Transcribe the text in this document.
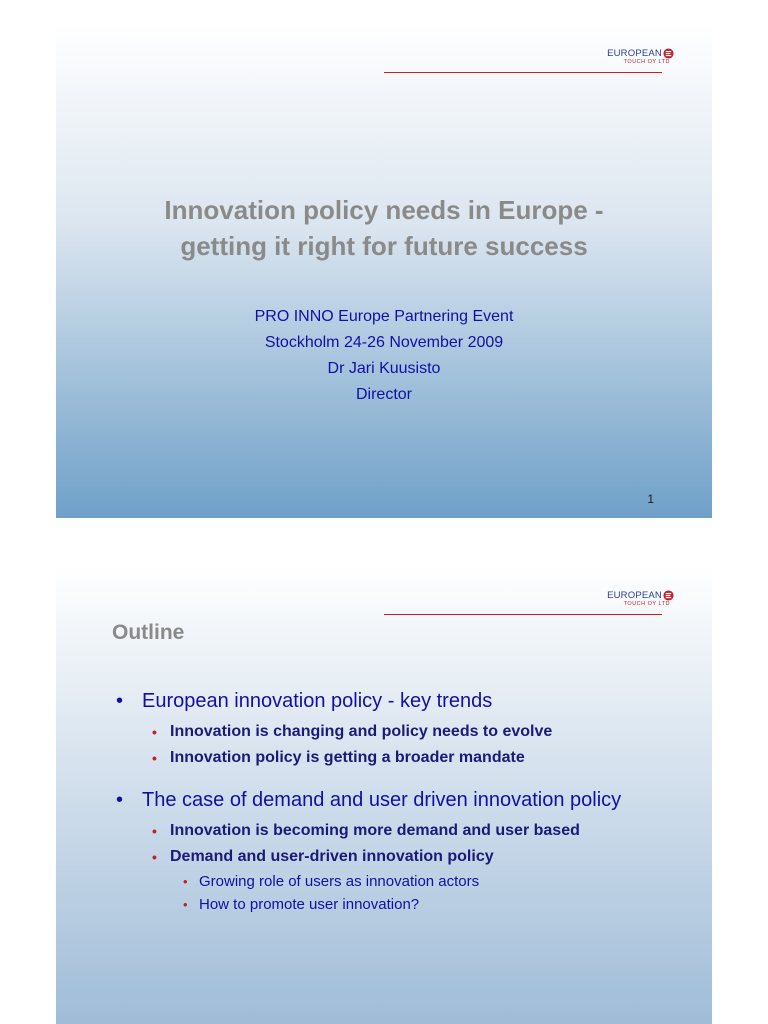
EUROPEAN
TOUCH OY LTD
Innovation policy needs in Europe -
getting it right for future success
PRO INNO Europe Partnering Event
Stockholm 24-26 November 2009
Dr Jari Kuusisto
Director
1
EUROPEAN
TOUCH OY LTD
Outline
• European innovation policy - key trends
• Innovation is changing and policy needs to evolve
• Innovation policy is getting a broader mandate
• The case of demand and user driven innovation policy
• Innovation is becoming more demand and user based
• Demand and user-driven innovation policy
• Growing role of users as innovation actors
• How to promote user innovation?
